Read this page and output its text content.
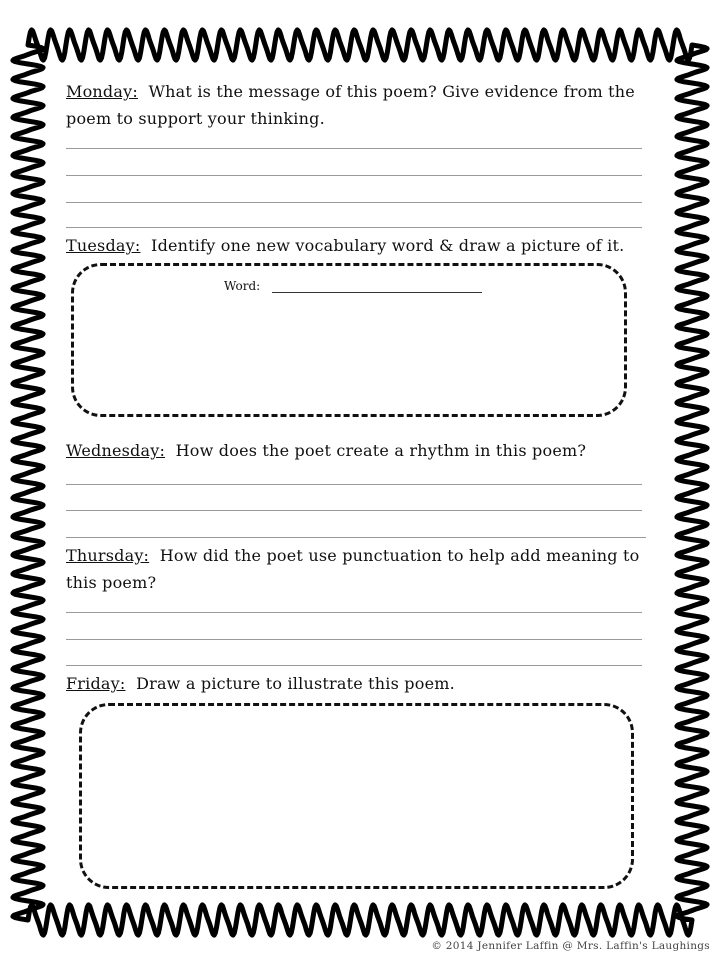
Monday: What is the message of this poem? Give evidence from the poem to support your thinking.
Tuesday: Identify one new vocabulary word & draw a picture of it.
Word:
Wednesday: How does the poet create a rhythm in this poem?
Thursday: How did the poet use punctuation to help add meaning to this poem?
Friday: Draw a picture to illustrate this poem.
© 2014 Jennifer Laffin @ Mrs. Laffin's Laughings
